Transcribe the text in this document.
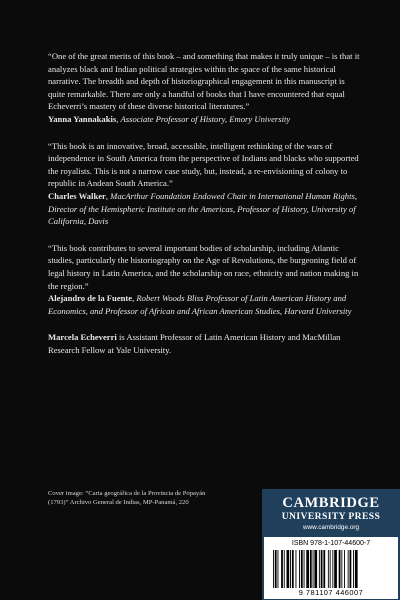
“One of the great merits of this book – and something that makes it truly unique – is that it analyzes black and Indian political strategies within the space of the same historical narrative. The breadth and depth of historiographical engagement in this manuscript is quite remarkable. There are only a handful of books that I have encountered that equal Echeverri’s mastery of these diverse historical literatures.”
Yanna Yannakakis, Associate Professor of History, Emory University
“This book is an innovative, broad, accessible, intelligent rethinking of the wars of independence in South America from the perspective of Indians and blacks who supported the royalists. This is not a narrow case study, but, instead, a re-envisioning of colony to republic in Andean South America.”
Charles Walker, MacArthur Foundation Endowed Chair in International Human Rights, Director of the Hemispheric Institute on the Americas, Professor of History, University of California, Davis
“This book contributes to several important bodies of scholarship, including Atlantic studies, particularly the historiography on the Age of Revolutions, the burgeoning field of legal history in Latin America, and the scholarship on race, ethnicity and nation making in the region.”
Alejandro de la Fuente, Robert Woods Bliss Professor of Latin American History and Economics, and Professor of African and African American Studies, Harvard University
Marcela Echeverri is Assistant Professor of Latin American History and MacMillan Research Fellow at Yale University.
Cover image: “Carta geográfica de la Provincia de Popayán (1793)” Archivo General de Indias, MP-Panamá, 220	CAMBRIDGE
UNIVERSITY PRESS
www.cambridge.org
ISBN 978-1-107-44600-7
9 781107 446007
